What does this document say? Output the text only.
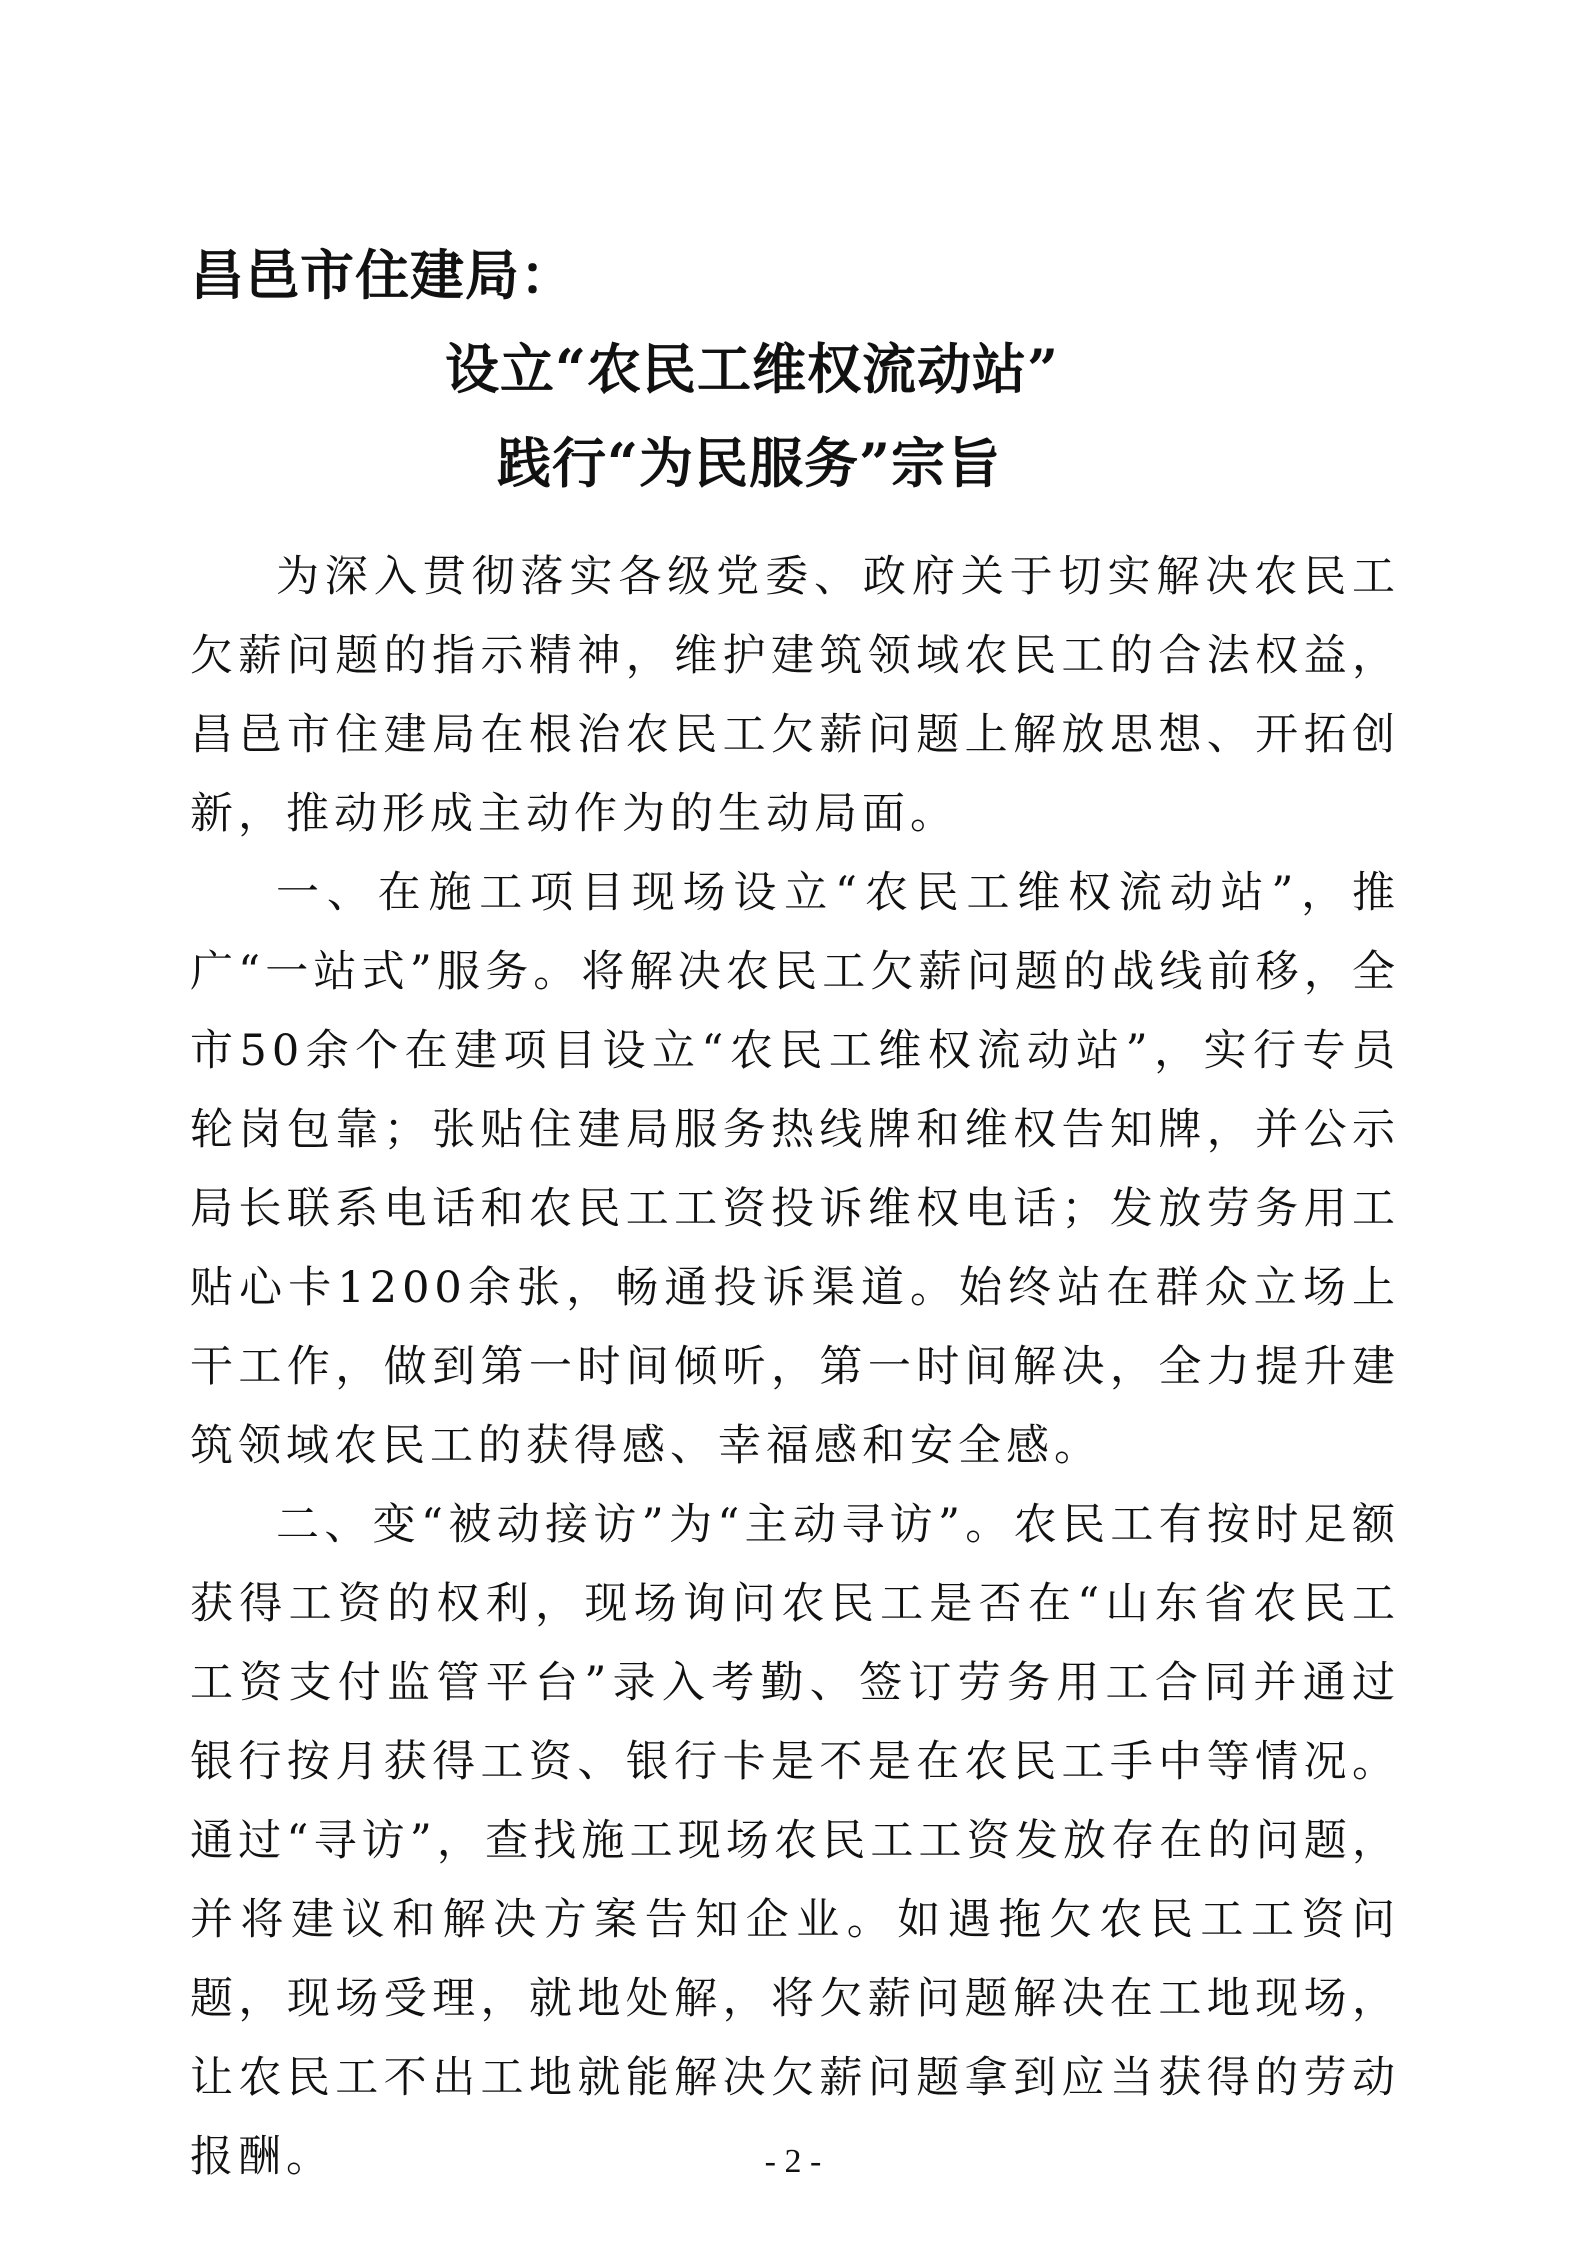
昌邑市住建局：
设立“农民工维权流动站”
践行“为民服务”宗旨

为深入贯彻落实各级党委、政府关于切实解决农民工欠薪问题的指示精神，维护建筑领域农民工的合法权益，昌邑市住建局在根治农民工欠薪问题上解放思想、开拓创新，推动形成主动作为的生动局面。

一、在施工项目现场设立“农民工维权流动站”，推广“一站式”服务。将解决农民工欠薪问题的战线前移，全市50余个在建项目设立“农民工维权流动站”，实行专员轮岗包靠；张贴住建局服务热线牌和维权告知牌，并公示局长联系电话和农民工工资投诉维权电话；发放劳务用工贴心卡1200余张，畅通投诉渠道。始终站在群众立场上干工作，做到第一时间倾听，第一时间解决，全力提升建筑领域农民工的获得感、幸福感和安全感。

二、变“被动接访”为“主动寻访”。农民工有按时足额获得工资的权利，现场询问农民工是否在“山东省农民工工资支付监管平台”录入考勤、签订劳务用工合同并通过银行按月获得工资、银行卡是不是在农民工手中等情况。通过“寻访”，查找施工现场农民工工资发放存在的问题，并将建议和解决方案告知企业。如遇拖欠农民工工资问题，现场受理，就地处解，将欠薪问题解决在工地现场，让农民工不出工地就能解决欠薪问题拿到应当获得的劳动报酬。	- 2 -
